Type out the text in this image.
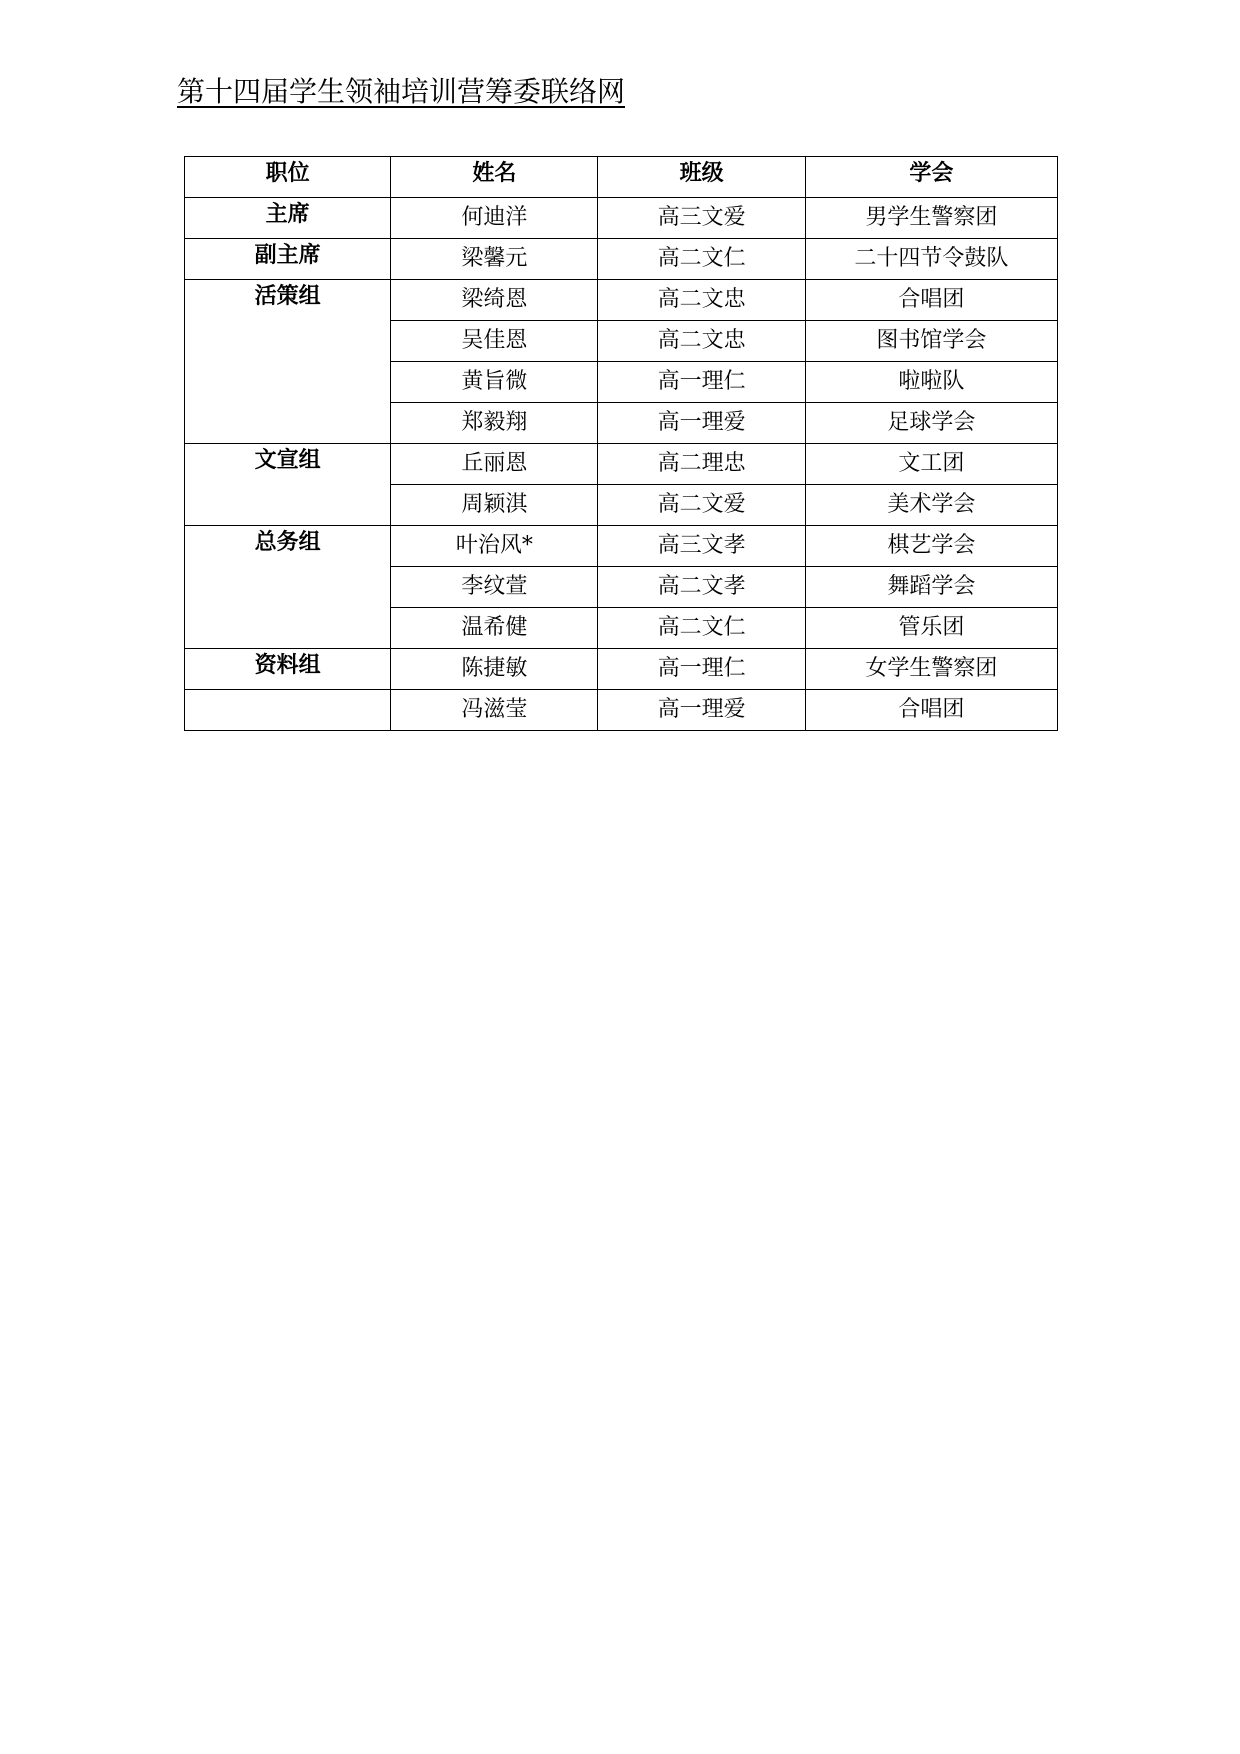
第十四届学生领袖培训营筹委联络网
职位	姓名	班级	学会
主席	何迪洋	高三文爱	男学生警察团
副主席	梁馨元	高二文仁	二十四节令鼓队
活策组	梁绮恩	高二文忠	合唱团
	吴佳恩	高二文忠	图书馆学会
	黄旨微	高一理仁	啦啦队
	郑毅翔	高一理爱	足球学会
文宣组	丘丽恩	高二理忠	文工团
	周颖淇	高二文爱	美术学会
总务组	叶治风*	高三文孝	棋艺学会
	李纹萱	高二文孝	舞蹈学会
	温希健	高二文仁	管乐团
资料组	陈捷敏	高一理仁	女学生警察团
	冯滋莹	高一理爱	合唱团
